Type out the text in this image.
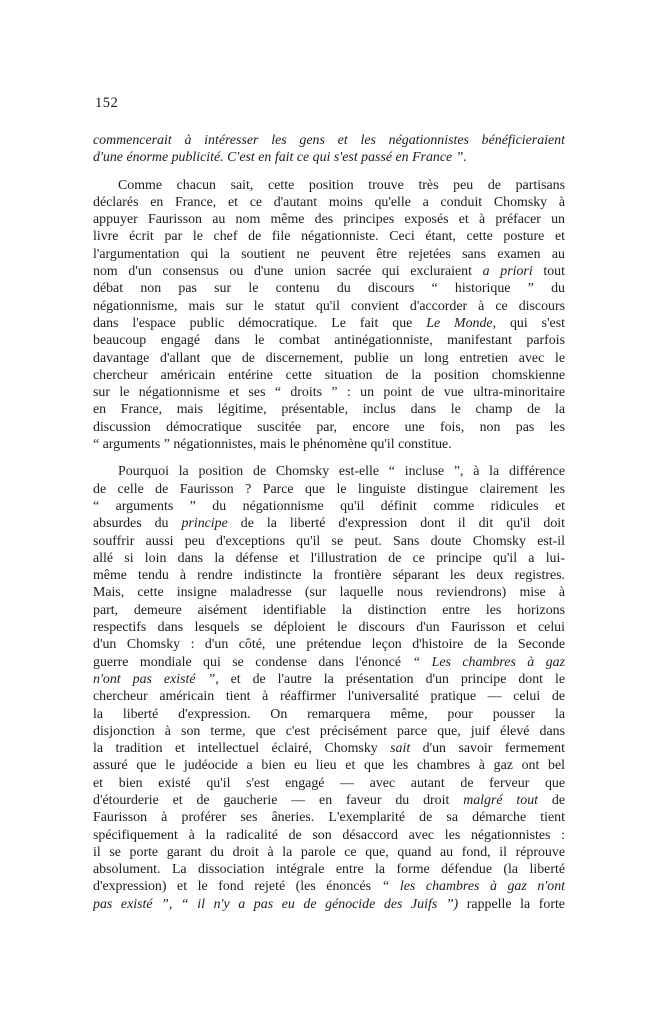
152
commencerait à intéresser les gens et les négationnistes bénéficieraient
d'une énorme publicité. C'est en fait ce qui s'est passé en France ”.
Comme chacun sait, cette position trouve très peu de partisans
déclarés en France, et ce d'autant moins qu'elle a conduit Chomsky à
appuyer Faurisson au nom même des principes exposés et à préfacer un
livre écrit par le chef de file négationniste. Ceci étant, cette posture et
l'argumentation qui la soutient ne peuvent être rejetées sans examen au
nom d'un consensus ou d'une union sacrée qui excluraient a priori tout
débat non pas sur le contenu du discours “ historique ” du
négationnisme, mais sur le statut qu'il convient d'accorder à ce discours
dans l'espace public démocratique. Le fait que Le Monde, qui s'est
beaucoup engagé dans le combat antinégationniste, manifestant parfois
davantage d'allant que de discernement, publie un long entretien avec le
chercheur américain entérine cette situation de la position chomskienne
sur le négationnisme et ses “ droits ” : un point de vue ultra-minoritaire
en France, mais légitime, présentable, inclus dans le champ de la
discussion démocratique suscitée par, encore une fois, non pas les
“ arguments ” négationnistes, mais le phénomène qu'il constitue.
Pourquoi la position de Chomsky est-elle “ incluse ”, à la différence
de celle de Faurisson ? Parce que le linguiste distingue clairement les
“ arguments ” du négationnisme qu'il définit comme ridicules et
absurdes du principe de la liberté d'expression dont il dit qu'il doit
souffrir aussi peu d'exceptions qu'il se peut. Sans doute Chomsky est-il
allé si loin dans la défense et l'illustration de ce principe qu'il a lui-
même tendu à rendre indistincte la frontière séparant les deux registres.
Mais, cette insigne maladresse (sur laquelle nous reviendrons) mise à
part, demeure aisément identifiable la distinction entre les horizons
respectifs dans lesquels se déploient le discours d'un Faurisson et celui
d'un Chomsky : d'un côté, une prétendue leçon d'histoire de la Seconde
guerre mondiale qui se condense dans l'énoncé “ Les chambres à gaz
n'ont pas existé ”, et de l'autre la présentation d'un principe dont le
chercheur américain tient à réaffirmer l'universalité pratique — celui de
la liberté d'expression. On remarquera même, pour pousser la
disjonction à son terme, que c'est précisément parce que, juif élevé dans
la tradition et intellectuel éclairé, Chomsky sait d'un savoir fermement
assuré que le judéocide a bien eu lieu et que les chambres à gaz ont bel
et bien existé qu'il s'est engagé — avec autant de ferveur que
d'étourderie et de gaucherie — en faveur du droit malgré tout de
Faurisson à proférer ses âneries. L'exemplarité de sa démarche tient
spécifiquement à la radicalité de son désaccord avec les négationnistes :
il se porte garant du droit à la parole ce que, quand au fond, il réprouve
absolument. La dissociation intégrale entre la forme défendue (la liberté
d'expression) et le fond rejeté (les énoncés “ les chambres à gaz n'ont
pas existé ”, “ il n'y a pas eu de génocide des Juifs ”) rappelle la forte
